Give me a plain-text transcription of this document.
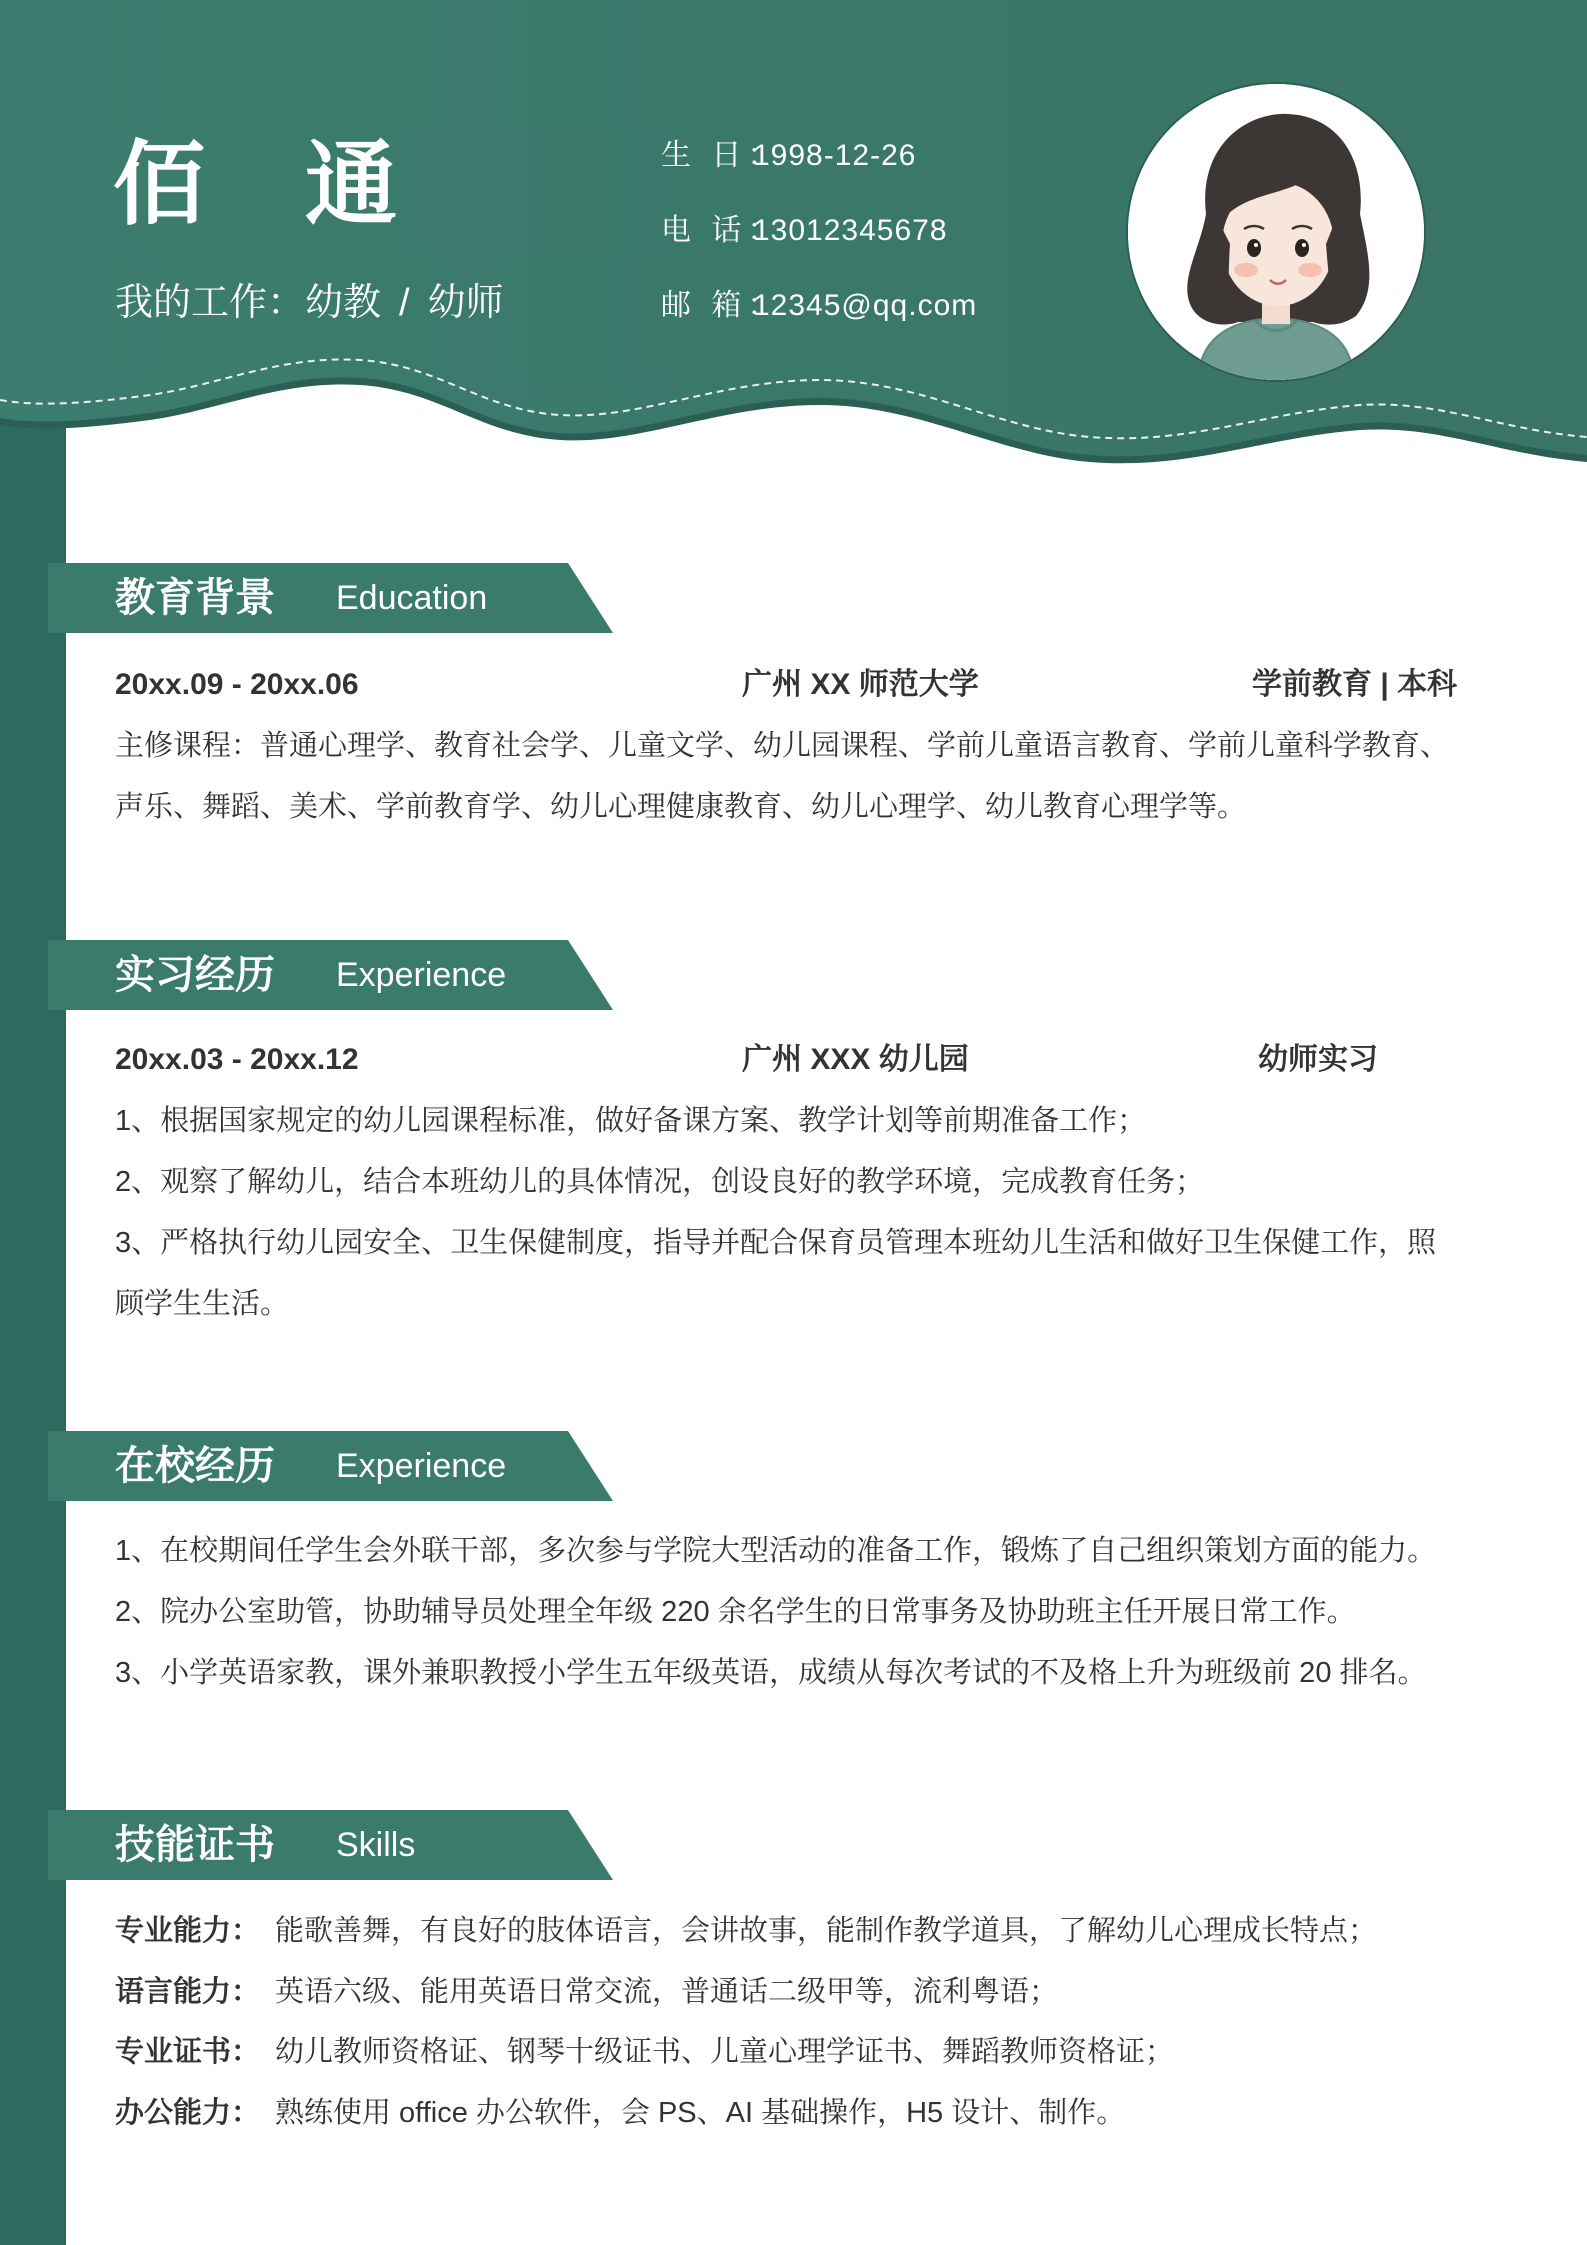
佰通
我的工作：幼教 / 幼师
生 日：1998-12-26
电 话：13012345678
邮 箱：12345@qq.com
教育背景 Education
20xx.09 - 20xx.06	广州 XX 师范大学	学前教育 | 本科
主修课程：普通心理学、教育社会学、儿童文学、幼儿园课程、学前儿童语言教育、学前儿童科学教育、
声乐、舞蹈、美术、学前教育学、幼儿心理健康教育、幼儿心理学、幼儿教育心理学等。
实习经历 Experience
20xx.03 - 20xx.12	广州 XXX 幼儿园	幼师实习
1、根据国家规定的幼儿园课程标准，做好备课方案、教学计划等前期准备工作；
2、观察了解幼儿，结合本班幼儿的具体情况，创设良好的教学环境，完成教育任务；
3、严格执行幼儿园安全、卫生保健制度，指导并配合保育员管理本班幼儿生活和做好卫生保健工作，照
顾学生生活。
在校经历 Experience
1、在校期间任学生会外联干部，多次参与学院大型活动的准备工作，锻炼了自己组织策划方面的能力。
2、院办公室助管，协助辅导员处理全年级 220 余名学生的日常事务及协助班主任开展日常工作。
3、小学英语家教，课外兼职教授小学生五年级英语，成绩从每次考试的不及格上升为班级前 20 排名。
技能证书 Skills
专业能力： 能歌善舞，有良好的肢体语言，会讲故事，能制作教学道具，了解幼儿心理成长特点；
语言能力： 英语六级、能用英语日常交流，普通话二级甲等，流利粤语；
专业证书： 幼儿教师资格证、钢琴十级证书、儿童心理学证书、舞蹈教师资格证；
办公能力： 熟练使用 office 办公软件，会 PS、AI 基础操作，H5 设计、制作。
